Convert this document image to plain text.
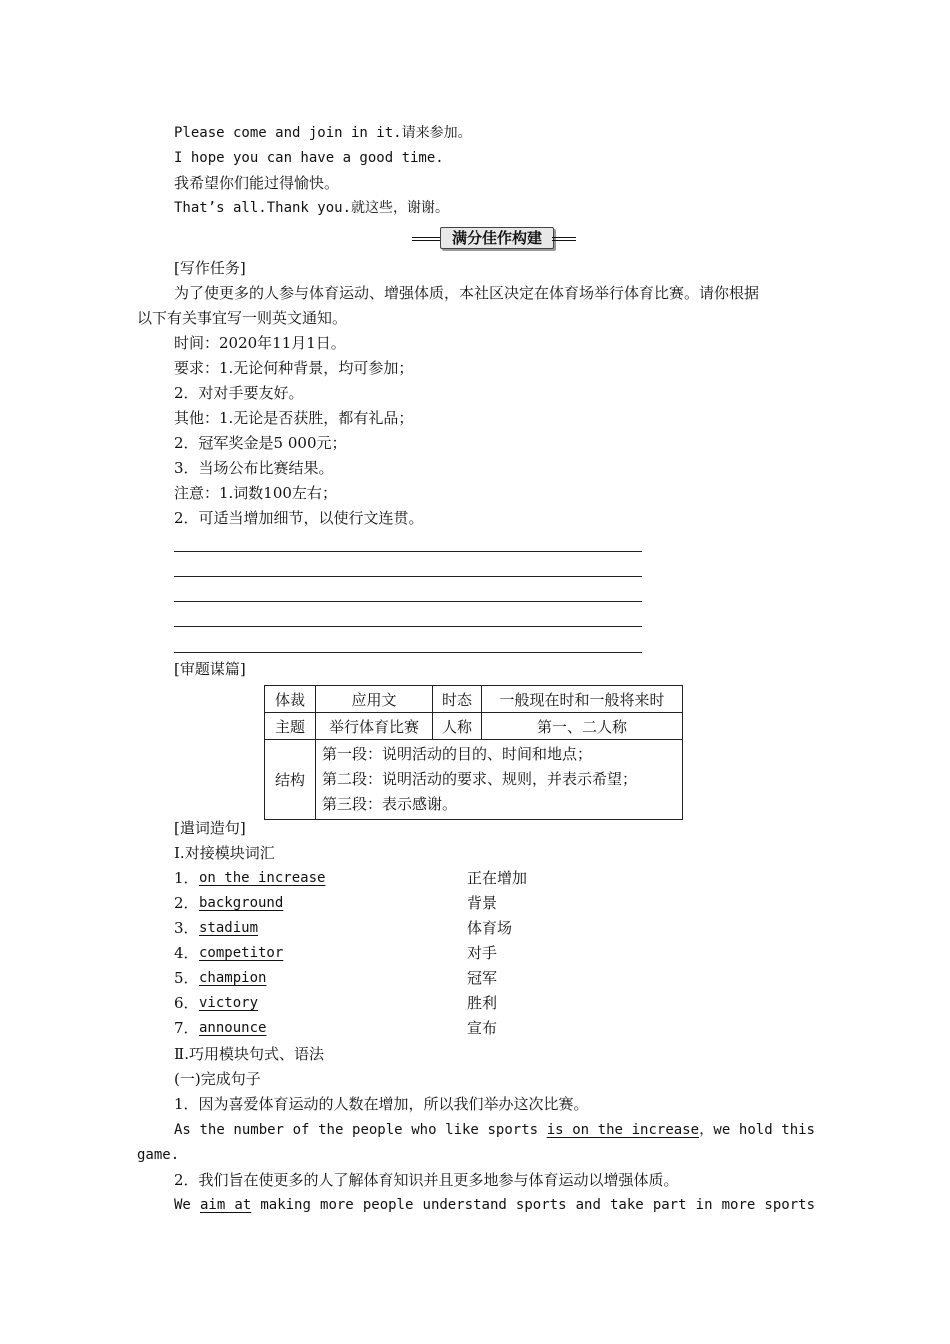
Please come and join in it.请来参加。
I hope you can have a good time.
我希望你们能过得愉快。
That’s all.Thank you.就这些，谢谢。
满分佳作构建
[写作任务]
为了使更多的人参与体育运动、增强体质，本社区决定在体育场举行体育比赛。请你根据
以下有关事宜写一则英文通知。
时间：2020年11月1日。
要求：1.无论何种背景，均可参加；
2．对对手要友好。
其他：1.无论是否获胜，都有礼品；
2．冠军奖金是5 000元；
3．当场公布比赛结果。
注意：1.词数100左右；
2．可适当增加细节，以使行文连贯。
[审题谋篇]
体裁	应用文	时态	一般现在时和一般将来时
主题	举行体育比赛	人称	第一、二人称
结构	第一段：说明活动的目的、时间和地点；
第二段：说明活动的要求、规则，并表示希望；
第三段：表示感谢。		
[遣词造句]
Ⅰ.对接模块词汇
1． on the increase	正在增加
2． background	背景
3． stadium	体育场
4． competitor	对手
5． champion	冠军
6． victory	胜利
7． announce	宣布
Ⅱ.巧用模块句式、语法
(一)完成句子
1．因为喜爱体育运动的人数在增加，所以我们举办这次比赛。
As the number of the people who like sports is on the increase，we hold this
game.
2．我们旨在使更多的人了解体育知识并且更多地参与体育运动以增强体质。
We aim at making more people understand sports and take part in more sports
